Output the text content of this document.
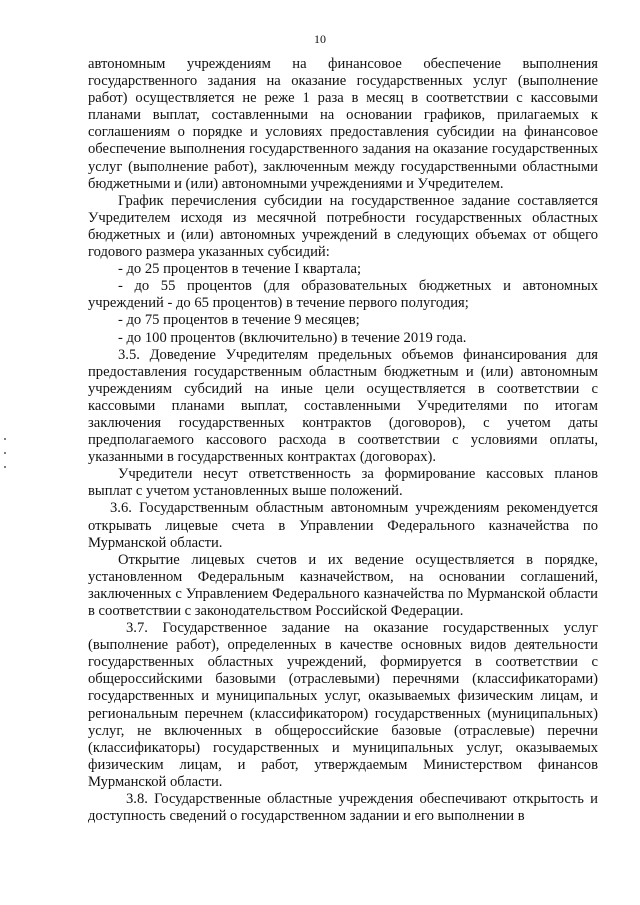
10

автономным учреждениям на финансовое обеспечение выполнения государственного задания на оказание государственных услуг (выполнение работ) осуществляется не реже 1 раза в месяц в соответствии с кассовыми планами выплат, составленными на основании графиков, прилагаемых к соглашениям о порядке и условиях предоставления субсидии на финансовое обеспечение выполнения государственного задания на оказание государственных услуг (выполнение работ), заключенным между государственными областными бюджетными и (или) автономными учреждениями и Учредителем.

График перечисления субсидии на государственное задание составляется Учредителем исходя из месячной потребности государственных областных бюджетных и (или) автономных учреждений в следующих объемах от общего годового размера указанных субсидий:

- до 25 процентов в течение I квартала;

- до 55 процентов (для образовательных бюджетных и автономных учреждений - до 65 процентов) в течение первого полугодия;

- до 75 процентов в течение 9 месяцев;

- до 100 процентов (включительно) в течение 2019 года.

3.5. Доведение Учредителям предельных объемов финансирования для предоставления государственным областным бюджетным и (или) автономным учреждениям субсидий на иные цели осуществляется в соответствии с кассовыми планами выплат, составленными Учредителями по итогам заключения государственных контрактов (договоров), с учетом даты предполагаемого кассового расхода в соответствии с условиями оплаты, указанными в государственных контрактах (договорах).

Учредители несут ответственность за формирование кассовых планов выплат с учетом установленных выше положений.

3.6. Государственным областным автономным учреждениям рекомендуется открывать лицевые счета в Управлении Федерального казначейства по Мурманской области.

Открытие лицевых счетов и их ведение осуществляется в порядке, установленном Федеральным казначейством, на основании соглашений, заключенных с Управлением Федерального казначейства по Мурманской области в соответствии с законодательством Российской Федерации.

3.7. Государственное задание на оказание государственных услуг (выполнение работ), определенных в качестве основных видов деятельности государственных областных учреждений, формируется в соответствии с общероссийскими базовыми (отраслевыми) перечнями (классификаторами) государственных и муниципальных услуг, оказываемых физическим лицам, и региональным перечнем (классификатором) государственных (муниципальных) услуг, не включенных в общероссийские базовые (отраслевые) перечни (классификаторы) государственных и муниципальных услуг, оказываемых физическим лицам, и работ, утверждаемым Министерством финансов Мурманской области.

3.8. Государственные областные учреждения обеспечивают открытость и доступность сведений о государственном задании и его выполнении в
